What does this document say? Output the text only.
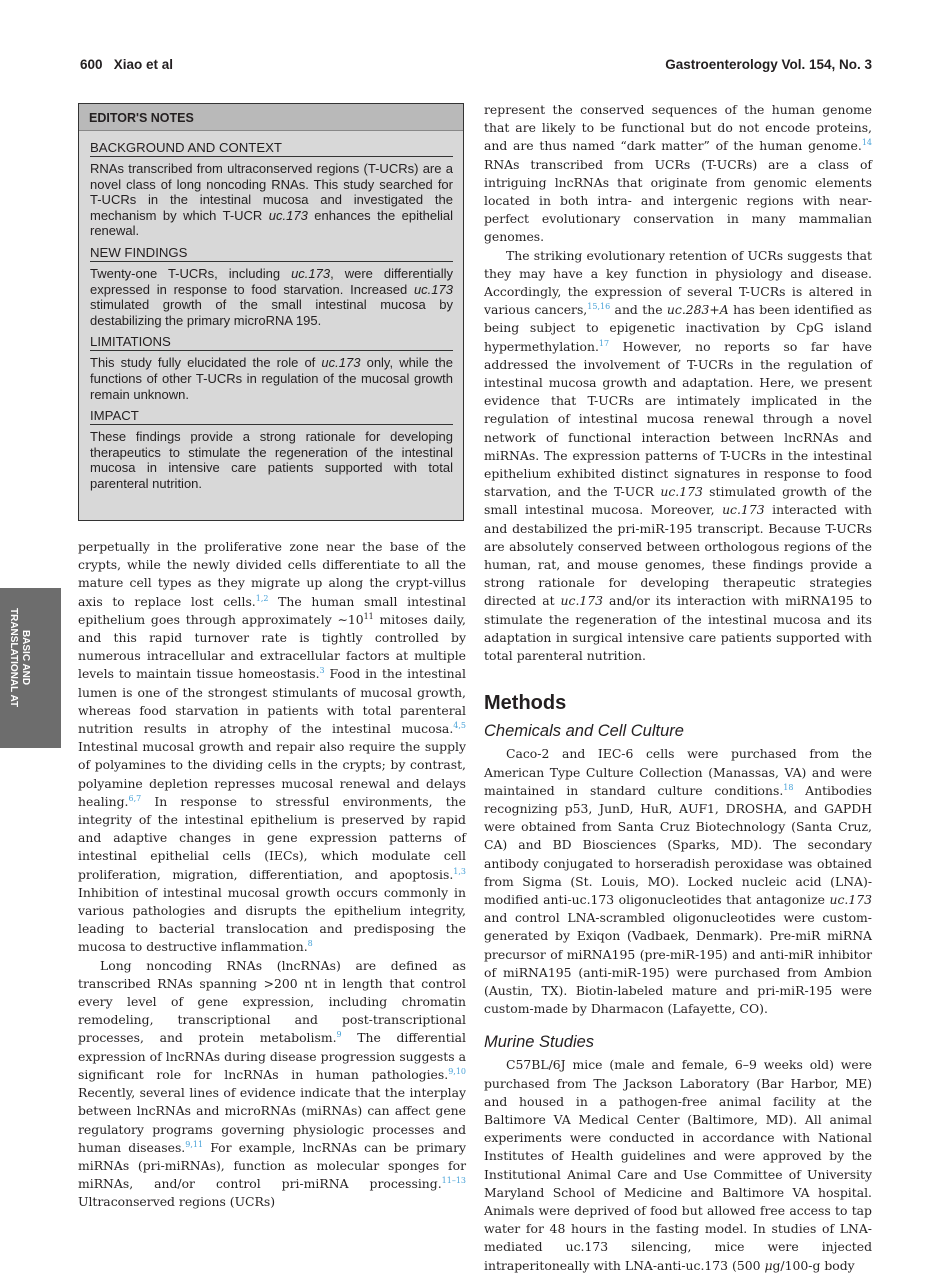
600   Xiao et al	Gastroenterology Vol. 154, No. 3
BASIC AND
TRANSLATIONAL AT
EDITOR'S NOTES
BACKGROUND AND CONTEXT

RNAs transcribed from ultraconserved regions (T-UCRs) are a novel class of long noncoding RNAs. This study searched for T-UCRs in the intestinal mucosa and investigated the mechanism by which T-UCR uc.173 enhances the epithelial renewal.

NEW FINDINGS

Twenty-one T-UCRs, including uc.173, were differentially expressed in response to food starvation. Increased uc.173 stimulated growth of the small intestinal mucosa by destabilizing the primary microRNA 195.

LIMITATIONS

This study fully elucidated the role of uc.173 only, while the functions of other T-UCRs in regulation of the mucosal growth remain unknown.

IMPACT

These findings provide a strong rationale for developing therapeutics to stimulate the regeneration of the intestinal mucosa in intensive care patients supported with total parenteral nutrition.

perpetually in the proliferative zone near the base of the crypts, while the newly divided cells differentiate to all the mature cell types as they migrate up along the crypt-villus axis to replace lost cells.$^{1,2}$ The human small intestinal epithelium goes through approximately $\sim 10^{11}$ mitoses daily, and this rapid turnover rate is tightly controlled by numerous intracellular and extracellular factors at multiple levels to maintain tissue homeostasis.$^3$ Food in the intestinal lumen is one of the strongest stimulants of mucosal growth, whereas food starvation in patients with total parenteral nutrition results in atrophy of the intestinal mucosa.$^{4,5}$ Intestinal mucosal growth and repair also require the supply of polyamines to the dividing cells in the crypts; by contrast, polyamine depletion represses mucosal renewal and delays healing.$^{6,7}$ In response to stressful environments, the integrity of the intestinal epithelium is preserved by rapid and adaptive changes in gene expression patterns of intestinal epithelial cells (IECs), which modulate cell proliferation, migration, differentiation, and apoptosis.$^{1,3}$ Inhibition of intestinal mucosal growth occurs commonly in various pathologies and disrupts the epithelium integrity, leading to bacterial translocation and predisposing the mucosa to destructive inflammation.$^8$

Long noncoding RNAs (lncRNAs) are defined as transcribed RNAs spanning >200 nt in length that control every level of gene expression, including chromatin remodeling, transcriptional and post-transcriptional processes, and protein metabolism.$^9$ The differential expression of lncRNAs during disease progression suggests a significant role for lncRNAs in human pathologies.$^{9,10}$ Recently, several lines of evidence indicate that the interplay between lncRNAs and microRNAs (miRNAs) can affect gene regulatory programs governing physiologic processes and human diseases.$^{9,11}$ For example, lncRNAs can be primary miRNAs (pri-miRNAs), function as molecular sponges for miRNAs, and/or control pri-miRNA processing.$^{11-13}$ Ultraconserved regions (UCRs)

represent the conserved sequences of the human genome that are likely to be functional but do not encode proteins, and are thus named “dark matter” of the human genome.$^{14}$ RNAs transcribed from UCRs (T-UCRs) are a class of intriguing lncRNAs that originate from genomic elements located in both intra- and intergenic regions with near-perfect evolutionary conservation in many mammalian genomes.

The striking evolutionary retention of UCRs suggests that they may have a key function in physiology and disease. Accordingly, the expression of several T-UCRs is altered in various cancers,$^{15,16}$ and the uc.283+A has been identified as being subject to epigenetic inactivation by CpG island hypermethylation.$^{17}$ However, no reports so far have addressed the involvement of T-UCRs in the regulation of intestinal mucosa growth and adaptation. Here, we present evidence that T-UCRs are intimately implicated in the regulation of intestinal mucosa renewal through a novel network of functional interaction between lncRNAs and miRNAs. The expression patterns of T-UCRs in the intestinal epithelium exhibited distinct signatures in response to food starvation, and the T-UCR uc.173 stimulated growth of the small intestinal mucosa. Moreover, uc.173 interacted with and destabilized the pri-miR-195 transcript. Because T-UCRs are absolutely conserved between orthologous regions of the human, rat, and mouse genomes, these findings provide a strong rationale for developing therapeutic strategies directed at uc.173 and/or its interaction with miRNA195 to stimulate the regeneration of the intestinal mucosa and its adaptation in surgical intensive care patients supported with total parenteral nutrition.

Methods
Chemicals and Cell Culture

Caco-2 and IEC-6 cells were purchased from the American Type Culture Collection (Manassas, VA) and were maintained in standard culture conditions.$^{18}$ Antibodies recognizing p53, JunD, HuR, AUF1, DROSHA, and GAPDH were obtained from Santa Cruz Biotechnology (Santa Cruz, CA) and BD Biosciences (Sparks, MD). The secondary antibody conjugated to horseradish peroxidase was obtained from Sigma (St. Louis, MO). Locked nucleic acid (LNA)-modified anti-uc.173 oligonucleotides that antagonize uc.173 and control LNA-scrambled oligonucleotides were custom-generated by Exiqon (Vadbaek, Denmark). Pre-miR miRNA precursor of miRNA195 (pre-miR-195) and anti-miR inhibitor of miRNA195 (anti-miR-195) were purchased from Ambion (Austin, TX). Biotin-labeled mature and pri-miR-195 were custom-made by Dharmacon (Lafayette, CO).

Murine Studies

C57BL/6J mice (male and female, 6–9 weeks old) were purchased from The Jackson Laboratory (Bar Harbor, ME) and housed in a pathogen-free animal facility at the Baltimore VA Medical Center (Baltimore, MD). All animal experiments were conducted in accordance with National Institutes of Health guidelines and were approved by the Institutional Animal Care and Use Committee of University Maryland School of Medicine and Baltimore VA hospital. Animals were deprived of food but allowed free access to tap water for 48 hours in the fasting model. In studies of LNA-mediated uc.173 silencing, mice were injected intraperitoneally with LNA-anti-uc.173 (500 μg/100-g body
